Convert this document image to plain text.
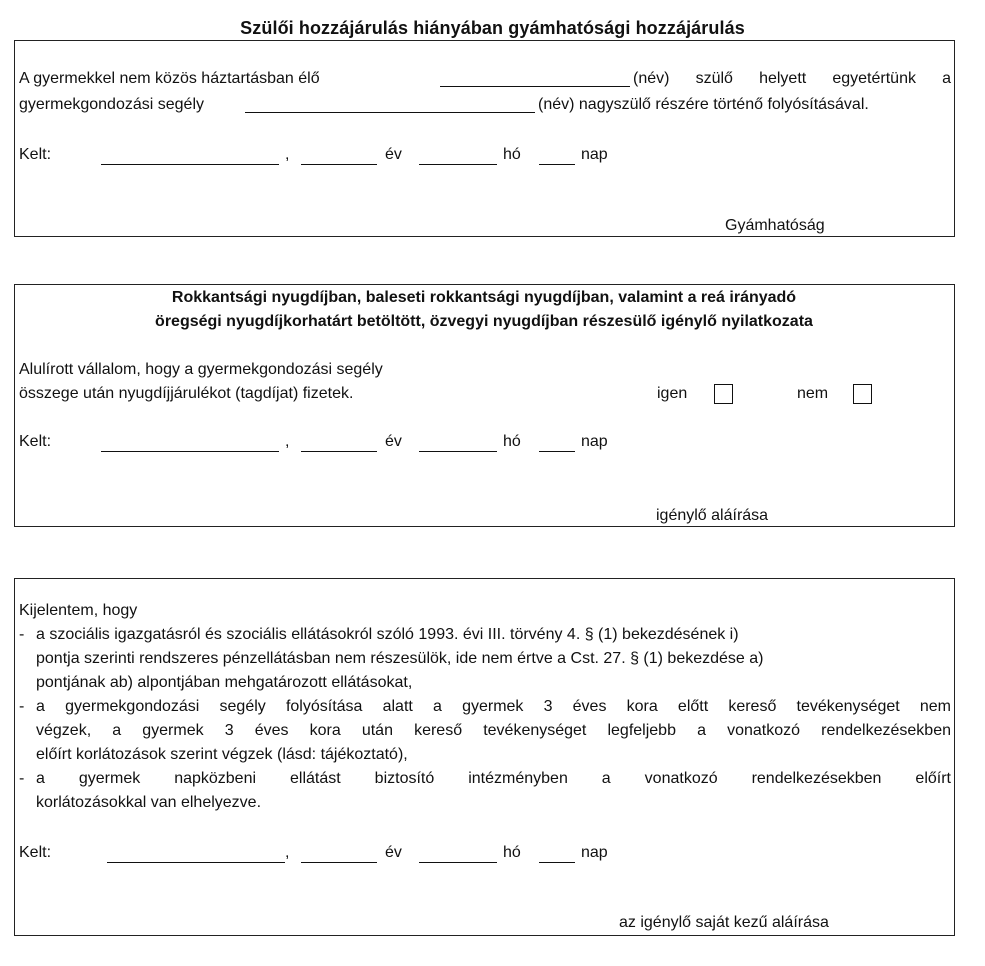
Szülői hozzájárulás hiányában gyámhatósági hozzájárulás
A gyermekkel nem közös háztartásban élő	(név) szülő helyett egyetértünk a
gyermekgondozási segély	(név) nagyszülő részére történő folyósításával.
Kelt:	,	év	hó	nap
Gyámhatóság
Rokkantsági nyugdíjban, baleseti rokkantsági nyugdíjban, valamint a reá irányadó
öregségi nyugdíjkorhatárt betöltött, özvegyi nyugdíjban részesülő igénylő nyilatkozata
Alulírott vállalom, hogy a gyermekgondozási segély
összege után nyugdíjjárulékot (tagdíjat) fizetek.	igen	nem
Kelt:	,	év	hó	nap
igénylő aláírása
Kijelentem, hogy
- a szociális igazgatásról és szociális ellátásokról szóló 1993. évi III. törvény 4. § (1) bekezdésének i)
pontja szerinti rendszeres pénzellátásban nem részesülök, ide nem értve a Cst. 27. § (1) bekezdése a)
pontjának ab) alpontjában mehgatározott ellátásokat,
- a gyermekgondozási segély folyósítása alatt a gyermek 3 éves kora előtt kereső tevékenységet nem
végzek, a gyermek 3 éves kora után kereső tevékenységet legfeljebb a vonatkozó rendelkezésekben
előírt korlátozások szerint végzek (lásd: tájékoztató),
- a gyermek napközbeni ellátást biztosító intézményben a vonatkozó rendelkezésekben előírt
korlátozásokkal van elhelyezve.
Kelt:	,	év	hó	nap
az igénylő saját kezű aláírása
